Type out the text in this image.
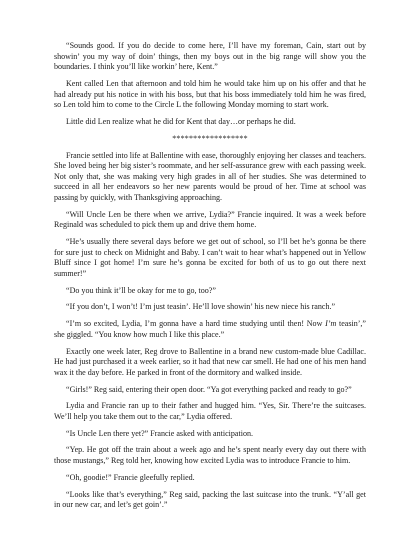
“Sounds good. If you do decide to come here, I’ll have my foreman, Cain, start out by showin’ you my way of doin’ things, then my boys out in the big range will show you the boundaries. I think you’ll like workin’ here, Kent.”

Kent called Len that afternoon and told him he would take him up on his offer and that he had already put his notice in with his boss, but that his boss immediately told him he was fired, so Len told him to come to the Circle L the following Monday morning to start work.

Little did Len realize what he did for Kent that day…or perhaps he did.

******************

Francie settled into life at Ballentine with ease, thoroughly enjoying her classes and teachers. She loved being her big sister’s roommate, and her self-assurance grew with each passing week. Not only that, she was making very high grades in all of her studies. She was determined to succeed in all her endeavors so her new parents would be proud of her. Time at school was passing by quickly, with Thanksgiving approaching.

“Will Uncle Len be there when we arrive, Lydia?” Francie inquired. It was a week before Reginald was scheduled to pick them up and drive them home.

“He’s usually there several days before we get out of school, so I’ll bet he’s gonna be there for sure just to check on Midnight and Baby. I can’t wait to hear what’s happened out in Yellow Bluff since I got home! I’m sure he’s gonna be excited for both of us to go out there next summer!”

“Do you think it’ll be okay for me to go, too?”

“If you don’t, I won’t! I’m just teasin’. He’ll love showin’ his new niece his ranch.”

“I’m so excited, Lydia, I’m gonna have a hard time studying until then! Now I’m teasin’,” she giggled. “You know how much I like this place.”

Exactly one week later, Reg drove to Ballentine in a brand new custom-made blue Cadillac. He had just purchased it a week earlier, so it had that new car smell. He had one of his men hand wax it the day before. He parked in front of the dormitory and walked inside.

“Girls!” Reg said, entering their open door. “Ya got everything packed and ready to go?”

Lydia and Francie ran up to their father and hugged him. “Yes, Sir. There’re the suitcases. We’ll help you take them out to the car,” Lydia offered.

“Is Uncle Len there yet?” Francie asked with anticipation.

“Yep. He got off the train about a week ago and he’s spent nearly every day out there with those mustangs,” Reg told her, knowing how excited Lydia was to introduce Francie to him.

“Oh, goodie!” Francie gleefully replied.

“Looks like that’s everything,” Reg said, packing the last suitcase into the trunk. “Y’all get in our new car, and let’s get goin’.”
